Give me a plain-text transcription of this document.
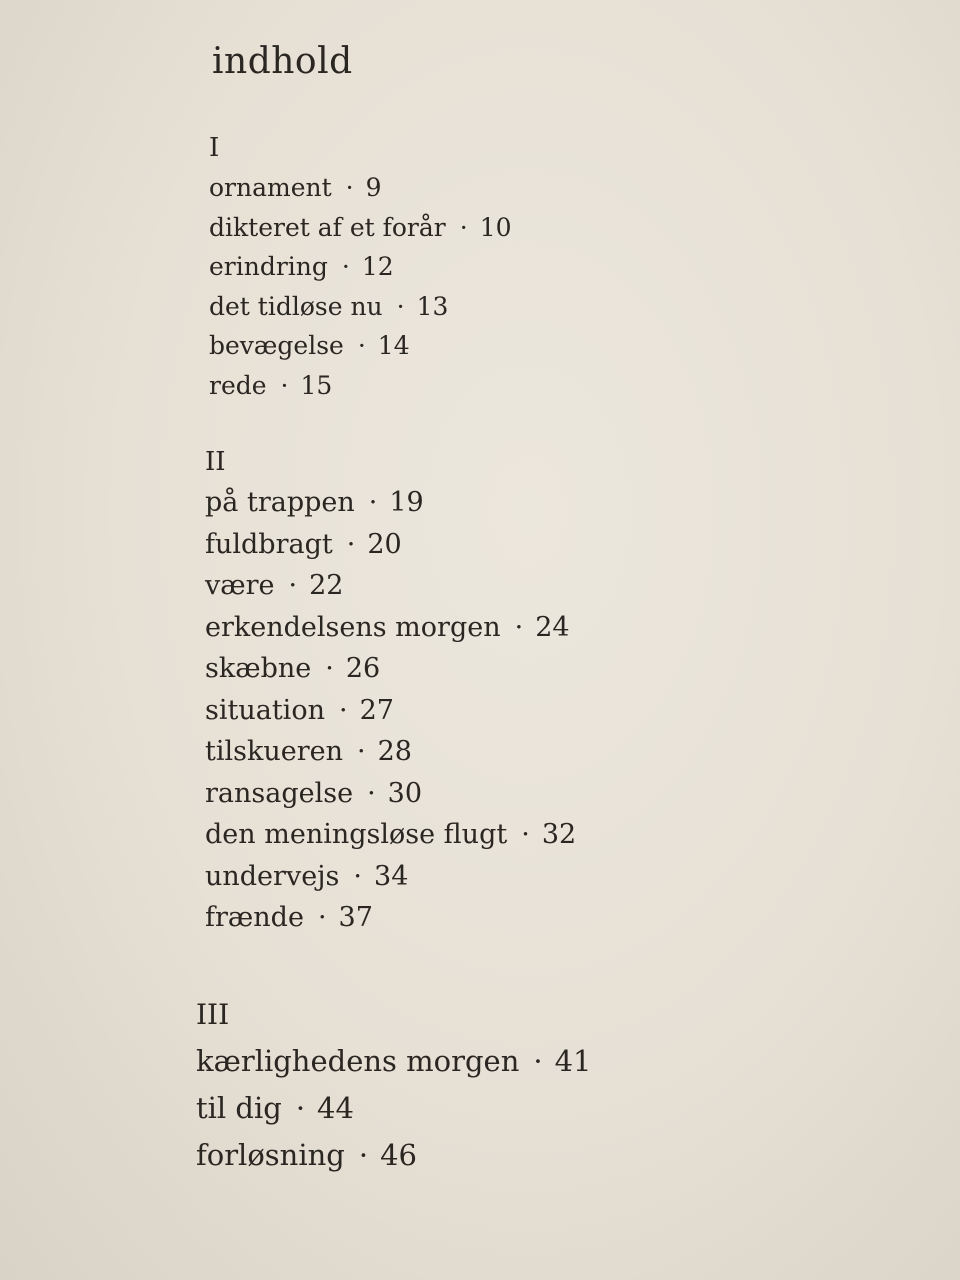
indhold
I
ornament · 9
dikteret af et forår · 10
erindring · 12
det tidløse nu · 13
bevægelse · 14
rede · 15
II
på trappen · 19
fuldbragt · 20
være · 22
erkendelsens morgen · 24
skæbne · 26
situation · 27
tilskueren · 28
ransagelse · 30
den meningsløse flugt · 32
undervejs · 34
frænde · 37
III
kærlighedens morgen · 41
til dig · 44
forløsning · 46
